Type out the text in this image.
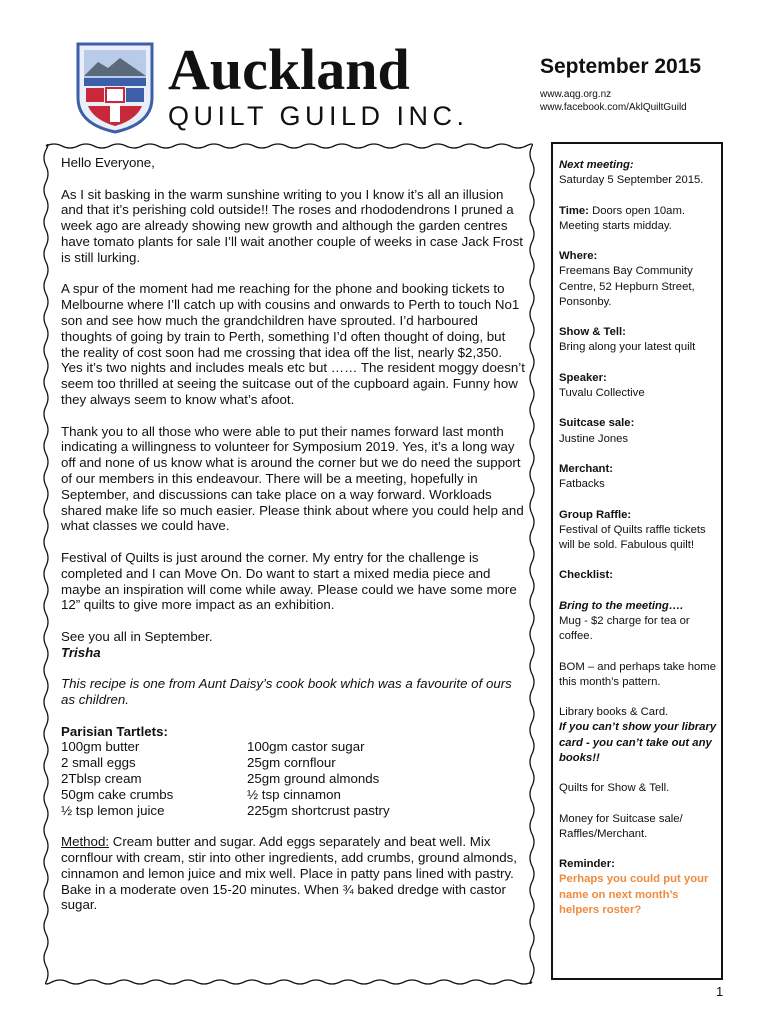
Auckland
QUILT GUILD INC.
September 2015
www.aqg.org.nz
www.facebook.com/AklQuiltGuild

Hello Everyone,

As I sit basking in the warm sunshine writing to you I know it’s all an illusion and that it’s perishing cold outside!! The roses and rhododendrons I pruned a week ago are already showing new growth and although the garden centres have tomato plants for sale I’ll wait another couple of weeks in case Jack Frost is still lurking.

A spur of the moment had me reaching for the phone and booking tickets to Melbourne where I’ll catch up with cousins and onwards to Perth to touch No1 son and see how much the grandchildren have sprouted. I’d harboured thoughts of going by train to Perth, something I’d often thought of doing, but the reality of cost soon had me crossing that idea off the list, nearly $2,350. Yes it’s two nights and includes meals etc but …… The resident moggy doesn’t seem too thrilled at seeing the suitcase out of the cupboard again. Funny how they always seem to know what’s afoot.

Thank you to all those who were able to put their names forward last month indicating a willingness to volunteer for Symposium 2019. Yes, it’s a long way off and none of us know what is around the corner but we do need the support of our members in this endeavour. There will be a meeting, hopefully in September, and discussions can take place on a way forward. Workloads shared make life so much easier. Please think about where you could help and what classes we could have.

Festival of Quilts is just around the corner. My entry for the challenge is completed and I can Move On. Do want to start a mixed media piece and maybe an inspiration will come while away. Please could we have some more 12” quilts to give more impact as an exhibition.

See you all in September.
Trisha

This recipe is one from Aunt Daisy’s cook book which was a favourite of ours as children.

Parisian Tartlets:
100gm butter	100gm castor sugar
2 small eggs	25gm cornflour
2Tblsp cream	25gm ground almonds
50gm cake crumbs	½ tsp cinnamon
½ tsp lemon juice	225gm shortcrust pastry
Method: Cream butter and sugar. Add eggs separately and beat well. Mix cornflour with cream, stir into other ingredients, add crumbs, ground almonds, cinnamon and lemon juice and mix well. Place in patty pans lined with pastry.
Bake in a moderate oven 15-20 minutes. When ¾ baked dredge with castor sugar.
Next meeting:
Saturday 5 September 2015.
Time: Doors open 10am. Meeting starts midday.
Where:
Freemans Bay Community Centre, 52 Hepburn Street, Ponsonby.
Show & Tell:
Bring along your latest quilt
Speaker:
Tuvalu Collective
Suitcase sale:
Justine Jones
Merchant:
Fatbacks
Group Raffle:
Festival of Quilts raffle tickets will be sold. Fabulous quilt!
Checklist:
Bring to the meeting….
Mug - $2 charge for tea or coffee.
BOM – and perhaps take home this month’s pattern.
Library books & Card.
If you can’t show your library card - you can’t take out any books!!
Quilts for Show & Tell.
Money for Suitcase sale/ Raffles/Merchant.
Reminder:
Perhaps you could put your name on next month’s helpers roster?
1
